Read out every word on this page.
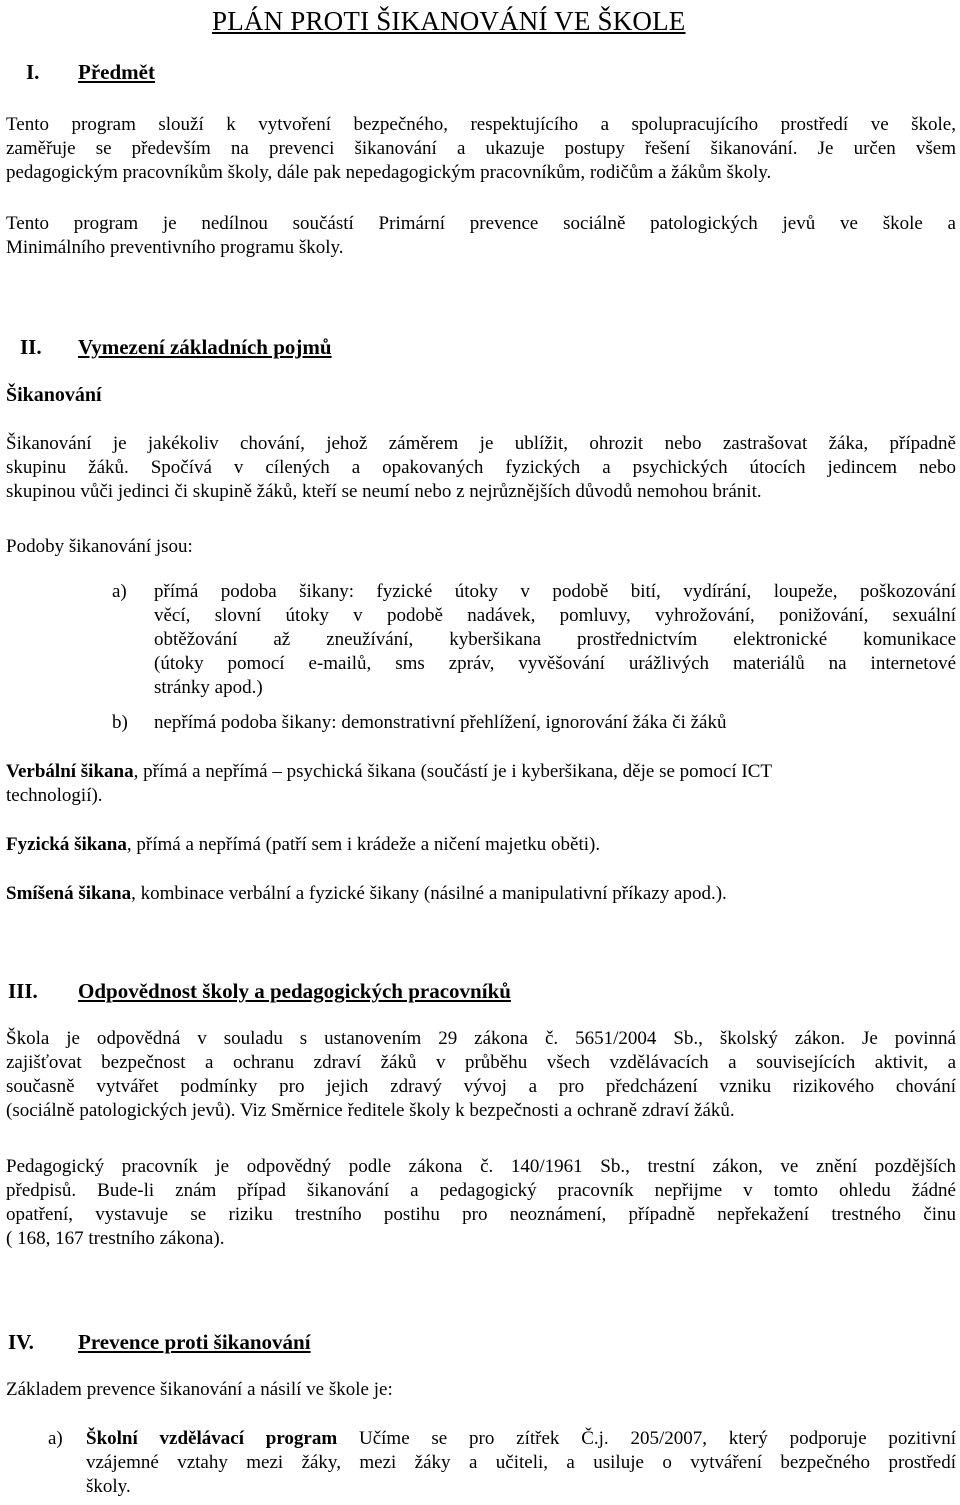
PLÁN PROTI ŠIKANOVÁNÍ VE ŠKOLE
I. Předmět
Tento program slouží k vytvoření bezpečného, respektujícího a spolupracujícího prostředí ve škole,
zaměřuje se především na prevenci šikanování a ukazuje postupy řešení šikanování. Je určen všem
pedagogickým pracovníkům školy, dále pak nepedagogickým pracovníkům, rodičům a žákům školy.
Tento program je nedílnou součástí Primární prevence sociálně patologických jevů ve škole a
Minimálního preventivního programu školy.
II. Vymezení základních pojmů
Šikanování
Šikanování je jakékoliv chování, jehož záměrem je ublížit, ohrozit nebo zastrašovat žáka, případně
skupinu žáků. Spočívá v cílených a opakovaných fyzických a psychických útocích jedincem nebo
skupinou vůči jedinci či skupině žáků, kteří se neumí nebo z nejrůznějších důvodů nemohou bránit.
Podoby šikanování jsou:
a) přímá podoba šikany: fyzické útoky v podobě bití, vydírání, loupeže, poškozování
věcí, slovní útoky v podobě nadávek, pomluvy, vyhrožování, ponižování, sexuální
obtěžování až zneužívání, kyberšikana prostřednictvím elektronické komunikace
(útoky pomocí e-mailů, sms zpráv, vyvěšování urážlivých materiálů na internetové
stránky apod.)
b) nepřímá podoba šikany: demonstrativní přehlížení, ignorování žáka či žáků
Verbální šikana, přímá a nepřímá – psychická šikana (součástí je i kyberšikana, děje se pomocí ICT
technologií).
Fyzická šikana, přímá a nepřímá (patří sem i krádeže a ničení majetku oběti).
Smíšená šikana, kombinace verbální a fyzické šikany (násilné a manipulativní příkazy apod.).
III. Odpovědnost školy a pedagogických pracovníků
Škola je odpovědná v souladu s ustanovením 29 zákona č. 5651/2004 Sb., školský zákon. Je povinná
zajišťovat bezpečnost a ochranu zdraví žáků v průběhu všech vzdělávacích a souvisejících aktivit, a
současně vytvářet podmínky pro jejich zdravý vývoj a pro předcházení vzniku rizikového chování
(sociálně patologických jevů). Viz Směrnice ředitele školy k bezpečnosti a ochraně zdraví žáků.
Pedagogický pracovník je odpovědný podle zákona č. 140/1961 Sb., trestní zákon, ve znění pozdějších
předpisů. Bude-li znám případ šikanování a pedagogický pracovník nepřijme v tomto ohledu žádné
opatření, vystavuje se riziku trestního postihu pro neoznámení, případně nepřekažení trestného činu
( 168, 167 trestního zákona).
IV. Prevence proti šikanování
Základem prevence šikanování a násilí ve škole je:
a) Školní vzdělávací program Učíme se pro zítřek Č.j. 205/2007, který podporuje pozitivní
vzájemné vztahy mezi žáky, mezi žáky a učiteli, a usiluje o vytváření bezpečného prostředí
školy.
